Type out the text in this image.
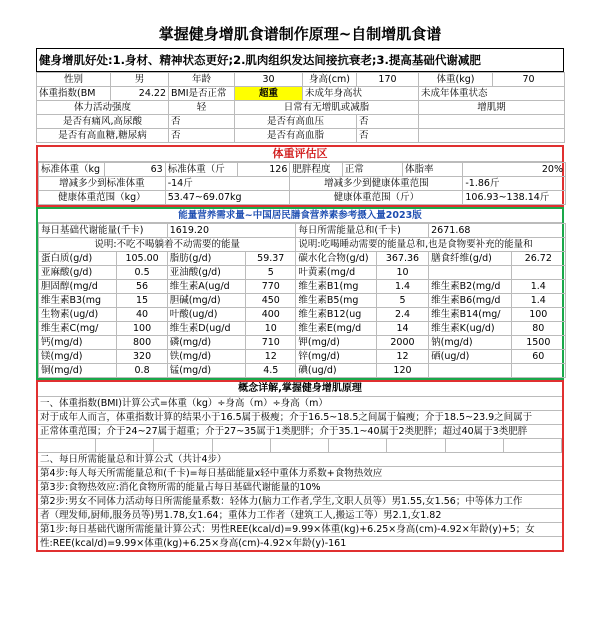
掌握健身增肌食谱制作原理~自制增肌食谱
健身增肌好处:1.身材、精神状态更好;2.肌肉组织发达间接抗衰老;3.提高基础代谢减肥
性别	男	年龄	30	身高(cm)	170	体重(kg)	70
体重指数(BM	24.22	BMI是否正常	超重	未成年身高状		未成年体重状态	
体力活动强度		轻	日常有无增肌或减脂			增肌期	
是否有痛风,高尿酸		否	是否有高血压		否		
是否有高血糖,糖尿病		否	是否有高血脂		否		
体重评估区
标准体重（kg	63	标准体重（斤	126	肥胖程度	正常	体脂率	20%
增减多少到标准体重		-14斤		增减多少到健康体重范围			-1.86斤
健康体重范围（kg）		53.47~69.07kg		健康体重范围（斤）			106.93~138.14斤
能量营养需求量~中国居民膳食营养素参考摄入量2023版
每日基础代谢能量(千卡)		1619.20		每日所需能量总和(千卡)		2671.68	
说明:不吃不喝躺着不动需要的能量				说明:吃喝睡动需要的能量总和,也是食物要补充的能量和			
蛋白质(g/d)	105.00	脂肪(g/d)	59.37	碳水化合物(g/d)	367.36	膳食纤维(g/d)	26.72
亚麻酸(g/d)	0.5	亚油酸(g/d)	5	叶黄素(mg/d	10		
胆固醇(mg/d	56	维生素A(ug/d	770	维生素B1(mg	1.4	维生素B2(mg/d	1.4
维生素B3(mg	15	胆碱(mg/d)	450	维生素B5(mg	5	维生素B6(mg/d	1.4
生物素(ug/d)	40	叶酸(ug/d)	400	维生素B12(ug	2.4	维生素B14(mg/	100
维生素C(mg/	100	维生素D(ug/d	10	维生素E(mg/d	14	维生素K(ug/d)	80
钙(mg/d)	800	磷(mg/d)	710	钾(mg/d)	2000	钠(mg/d)	1500
镁(mg/d)	320	铁(mg/d)	12	锌(mg/d)	12	硒(ug/d)	60
铜(mg/d)	0.8	锰(mg/d)	4.5	碘(ug/d)	120		
概念详解,掌握健身增肌原理
一、体重指数(BMI)计算公式=体重（kg）÷身高（m）÷身高（m）
对于成年人而言，体重指数计算的结果小于16.5属于极瘦；介于16.5~18.5之间属于偏瘦；介于18.5~23.9之间属于
正常体重范围；介于24~27属于超重；介于27~35属于1类肥胖；介于35.1~40属于2类肥胖；超过40属于3类肥胖
二、每日所需能量总和计算公式（共计4步）
第4步:每人每天所需能量总和(千卡)=每日基础能量x轻中重体力系数+食物热效应
第3步:食物热效应:消化食物所需的能量占每日基础代谢能量的10%
第2步:男女不同体力活动每日所需能量系数：轻体力(脑力工作者,学生,文职人员等）男1.55,女1.56；中等体力工作
者（理发师,厨师,服务员等)男1.78,女1.64；重体力工作者（建筑工人,搬运工等）男2.1,女1.82
第1步:每日基础代谢所需能量计算公式：男性REE(kcal/d)=9.99×体重(kg)+6.25×身高(cm)-4.92×年龄(y)+5；女
性:REE(kcal/d)=9.99×体重(kg)+6.25×身高(cm)-4.92×年龄(y)-161
